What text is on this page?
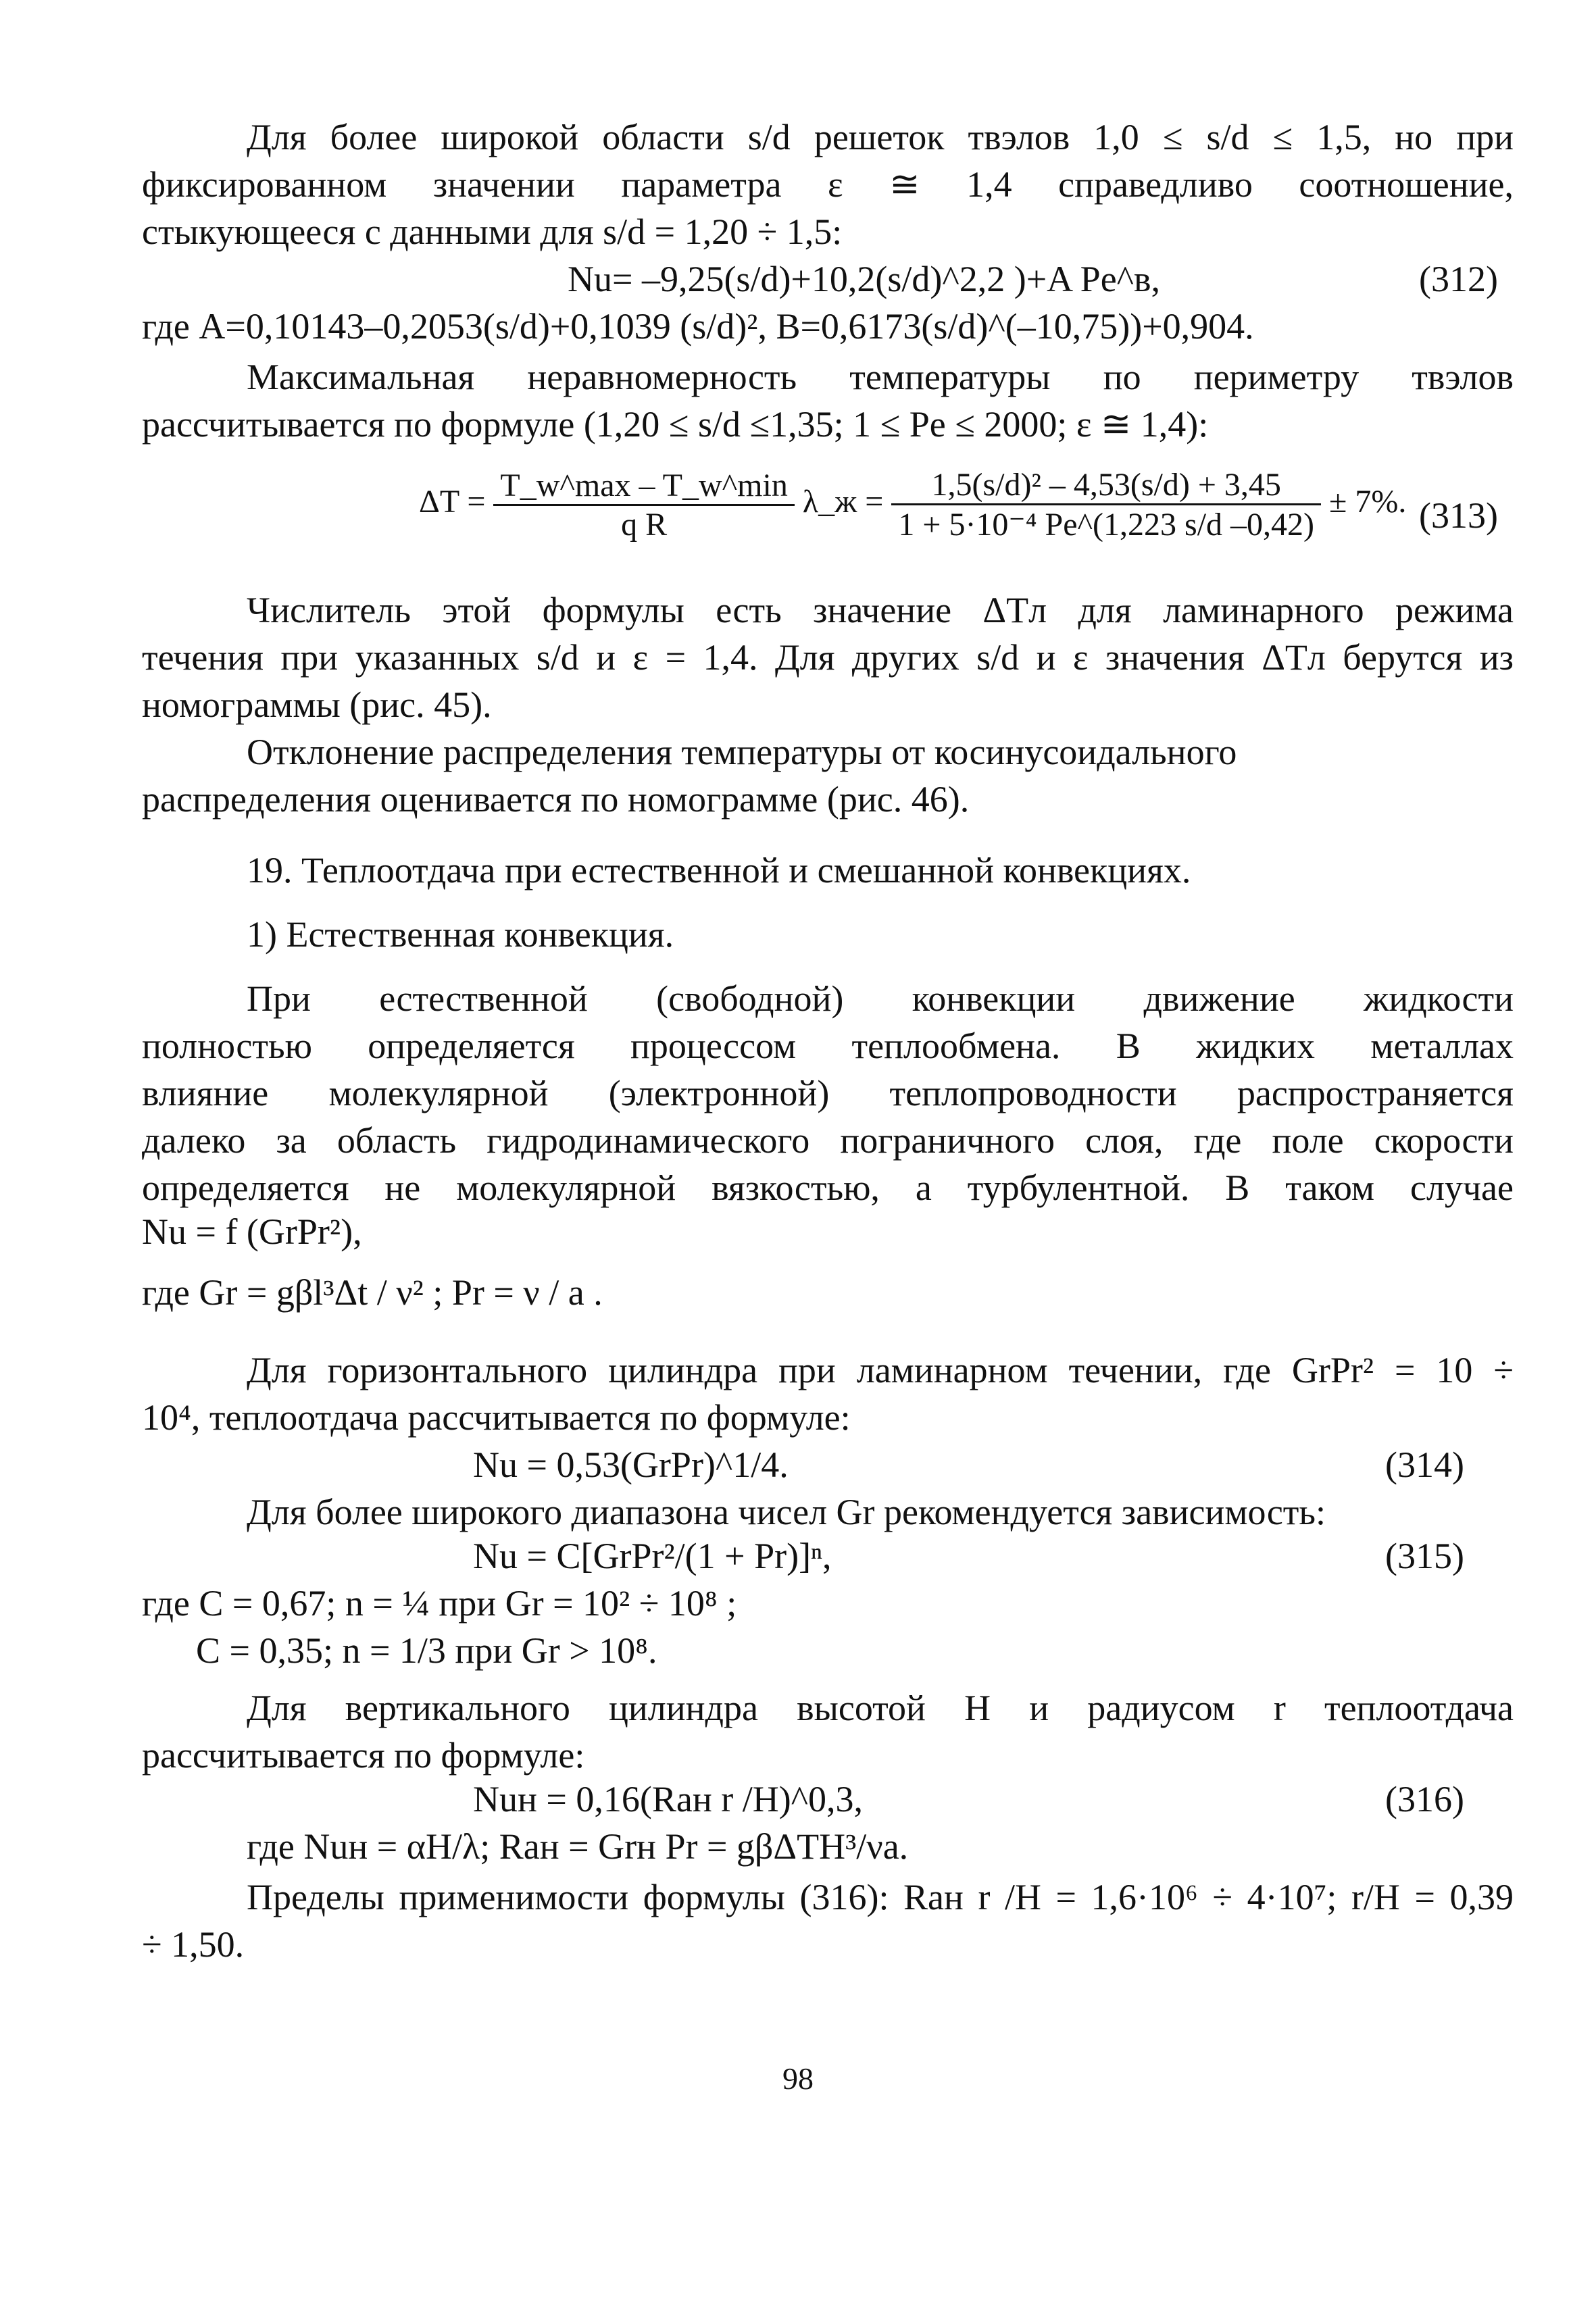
Для более широкой области s/d решеток твэлов 1,0 ≤ s/d ≤ 1,5, но при
фиксированном значении параметра ε ≅ 1,4 справедливо соотношение,
стыкующееся с данными для s/d = 1,20 ÷ 1,5:
Nu= –9,25(s/d)+10,2(s/d)^2,2 )+A Pe^в,	(312)
где A=0,10143–0,2053(s/d)+0,1039 (s/d)², B=0,6173(s/d)^(–10,75))+0,904.
Максимальная неравномерность температуры по периметру твэлов
рассчитывается по формуле (1,20 ≤ s/d ≤1,35; 1 ≤ Pe ≤ 2000; ε ≅ 1,4):
$\Delta T = \frac{T\_w\^{}\max - T\_w\^{}\min}{\text{q R}}$ λ_ж = $\frac{\text{1,5(s/d)² – 4,53(s/d) + 3,45}}{\text{1 + 5·10⁻⁴ Pe\textasciicircum{}(1,223 s/d –0,42)}} \pm 7\%$. (313)
Числитель этой формулы есть значение ΔTл для ламинарного режима
течения при указанных s/d и ε = 1,4. Для других s/d и ε значения ΔTл берутся из
номограммы (рис. 45).
Отклонение распределения температуры от косинусоидального
распределения оценивается по номограмме (рис. 46).
19. Теплоотдача при естественной и смешанной конвекциях.
1) Естественная конвекция.
При естественной (свободной) конвекции движение жидкости
полностью определяется процессом теплообмена. В жидких металлах
влияние молекулярной (электронной) теплопроводности распространяется
далеко за область гидродинамического пограничного слоя, где поле скорости
определяется не молекулярной вязкостью, а турбулентной. В таком случае
Nu = f (GrPr²),
где Gr = gβl³Δt / ν² ; Pr = ν / a .
Для горизонтального цилиндра при ламинарном течении, где GrPr² = 10 ÷
10⁴, теплоотдача рассчитывается по формуле:
Nu = 0,53(GrPr)^1/4.	(314)
Для более широкого диапазона чисел Gr рекомендуется зависимость:
Nu = C[GrPr²/(1 + Pr)]ⁿ,	(315)
где C = 0,67; n = ¼ при Gr = 10² ÷ 10⁸ ;
C = 0,35; n = 1/3 при Gr > 10⁸.
Для вертикального цилиндра высотой H и радиусом r теплоотдача
рассчитывается по формуле:
Nuн = 0,16(Raн r /H)^0,3,	(316)
где Nuн = αH/λ; Raн = Grн Pr = gβΔTH³/νa.
Пределы применимости формулы (316): Raн r /H = 1,6·10⁶ ÷ 4·10⁷; r/H = 0,39
÷ 1,50.
98
